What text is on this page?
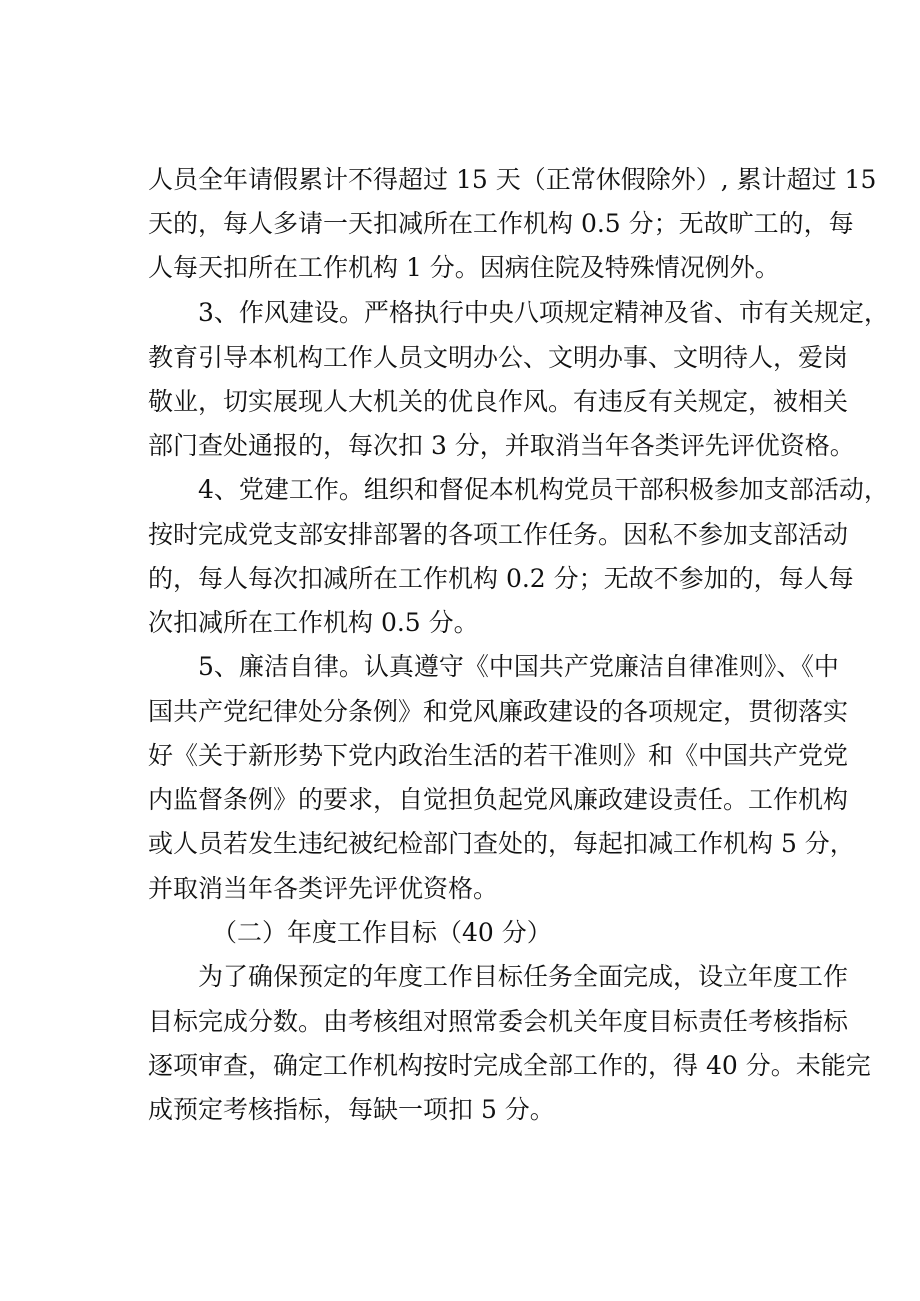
人员全年请假累计不得超过 15 天（正常休假除外）, 累计超过 15
天的，每人多请一天扣减所在工作机构 0.5 分；无故旷工的，每
人每天扣所在工作机构 1 分。因病住院及特殊情况例外。
3、作风建设。严格执行中央八项规定精神及省、市有关规定，
教育引导本机构工作人员文明办公、文明办事、文明待人，爱岗
敬业，切实展现人大机关的优良作风。有违反有关规定，被相关
部门查处通报的，每次扣 3 分，并取消当年各类评先评优资格。
4、党建工作。组织和督促本机构党员干部积极参加支部活动，
按时完成党支部安排部署的各项工作任务。因私不参加支部活动
的，每人每次扣减所在工作机构 0.2 分；无故不参加的，每人每
次扣减所在工作机构 0.5 分。
5、廉洁自律。认真遵守《中国共产党廉洁自律准则》、《中
国共产党纪律处分条例》和党风廉政建设的各项规定，贯彻落实
好《关于新形势下党内政治生活的若干准则》和《中国共产党党
内监督条例》的要求，自觉担负起党风廉政建设责任。工作机构
或人员若发生违纪被纪检部门查处的，每起扣减工作机构 5 分，
并取消当年各类评先评优资格。
（二）年度工作目标（40 分）
为了确保预定的年度工作目标任务全面完成，设立年度工作
目标完成分数。由考核组对照常委会机关年度目标责任考核指标
逐项审查，确定工作机构按时完成全部工作的，得 40 分。未能完
成预定考核指标，每缺一项扣 5 分。
